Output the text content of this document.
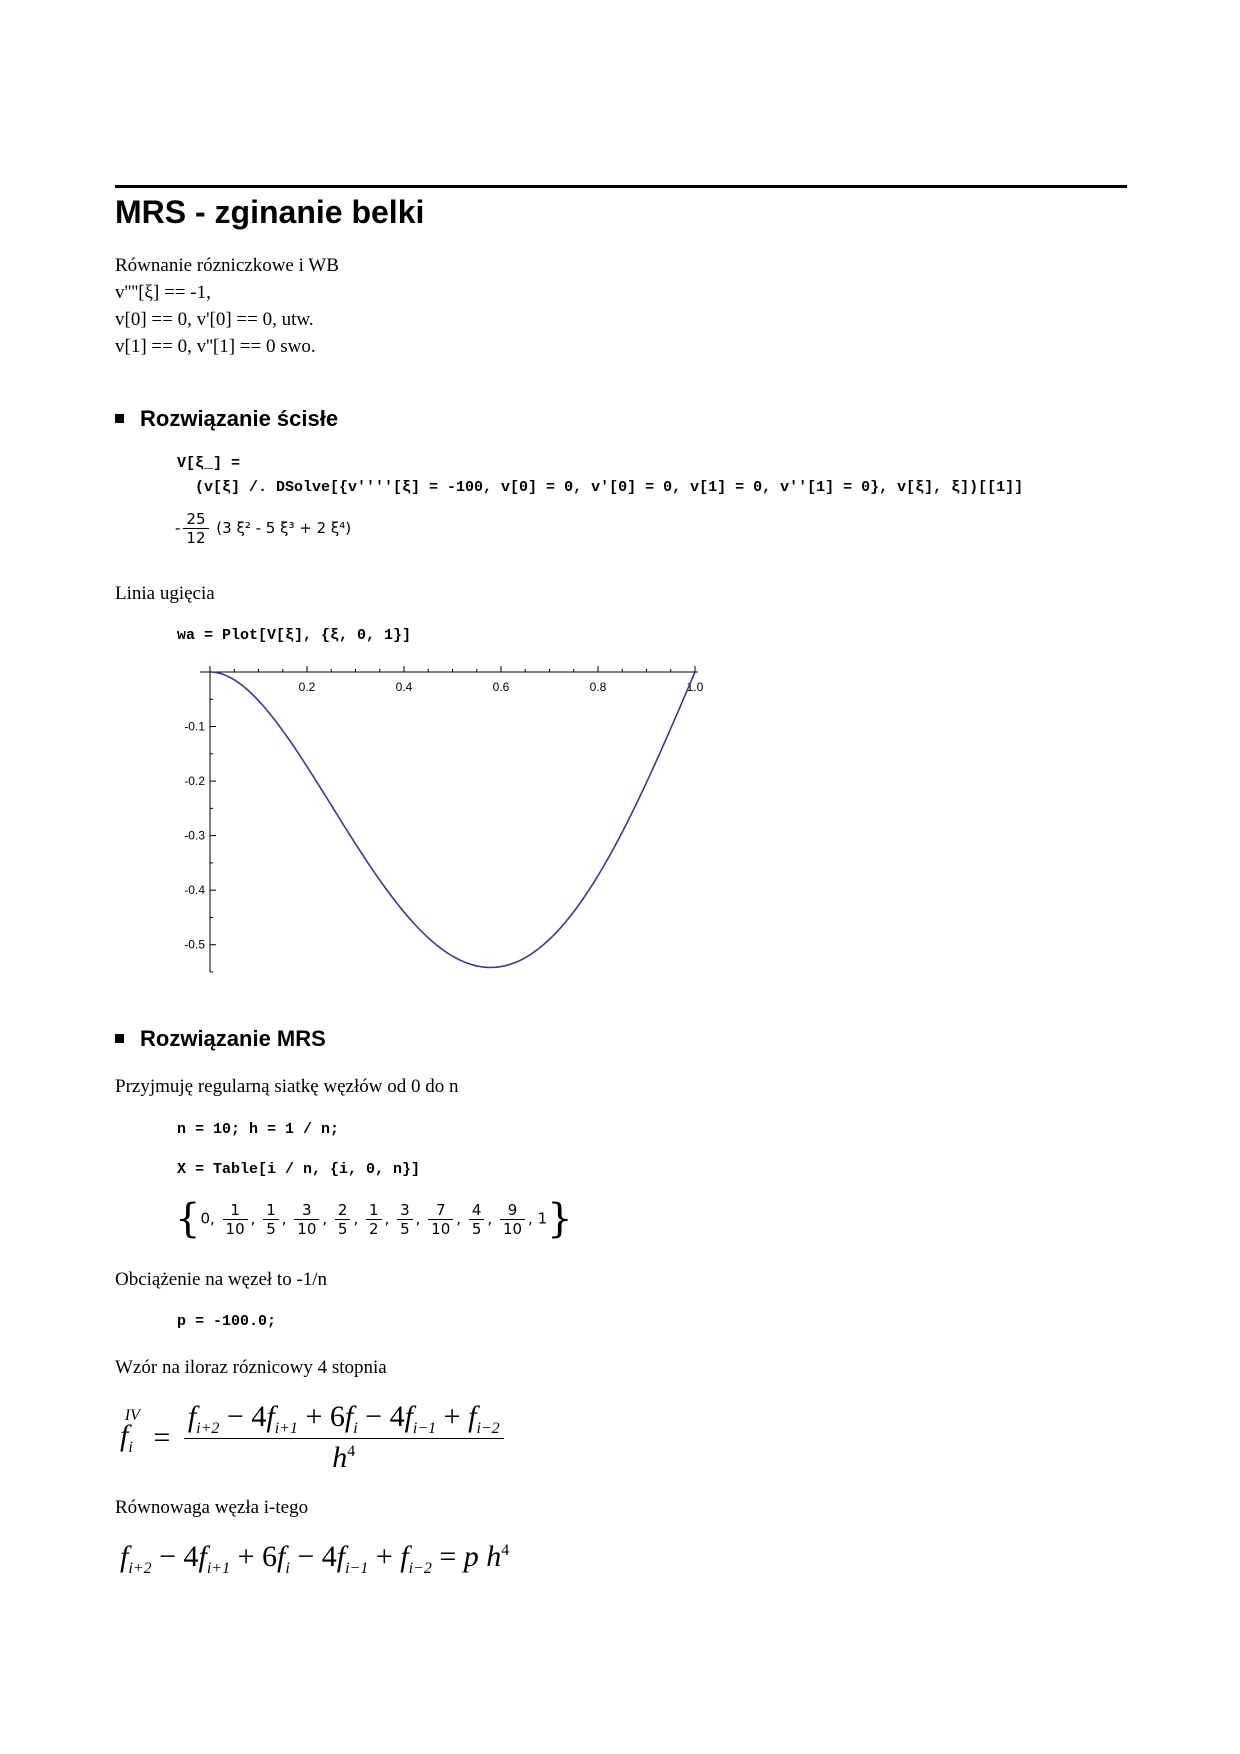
MRS - zginanie belki
Równanie rózniczkowe i WB
v''''[ξ] == -1,
v[0] == 0, v'[0] == 0, utw.
v[1] == 0, v''[1] == 0 swo.
Rozwiązanie ścisłe
V[ξ_] =
(v[ξ] /. DSolve[{v''''[ξ] = -100, v[0] = 0, v'[0] = 0, v[1] = 0, v''[1] = 0}, v[ξ], ξ])[[1]]
- $\frac{25}{12} (3$ ξ² - 5 ξ³ + 2 ξ⁴)
Linia ugięcia
wa = Plot[V[ξ], {ξ, 0, 1}]
0.2	0.4	0.6	0.8	1.0
-0.1
-0.2
-0.3
-0.4
-0.5
Rozwiązanie MRS
Przyjmuję regularną siatkę węzłów od 0 do n
n = 10; h = 1 / n;
X = Table[i / n, {i, 0, n}]
{0, $\frac{1}{10}$ , $\frac{1}{5}$ , $\frac{3}{10}$ , $\frac{2}{5}$ , $\frac{1}{2}$ , $\frac{3}{5}$ , $\frac{7}{10}$ , $\frac{4}{5}$ , $\frac{9}{10}$ , 1}
Obciążenie na węzeł to -1/n
p = -100.0;
Wzór na iloraz róznicowy 4 stopnia
$f_i^{IV} = \frac{f_{i+2} - 4f_{i+1} + 6f_i - 4f_{i-1} + f_{i-2}}{h^4}$
Równowaga węzła i-tego
$f_{i+2} - 4f_{i+1} + 6f_i - 4f_{i-1} + f_{i-2} = p$ $h^4$
